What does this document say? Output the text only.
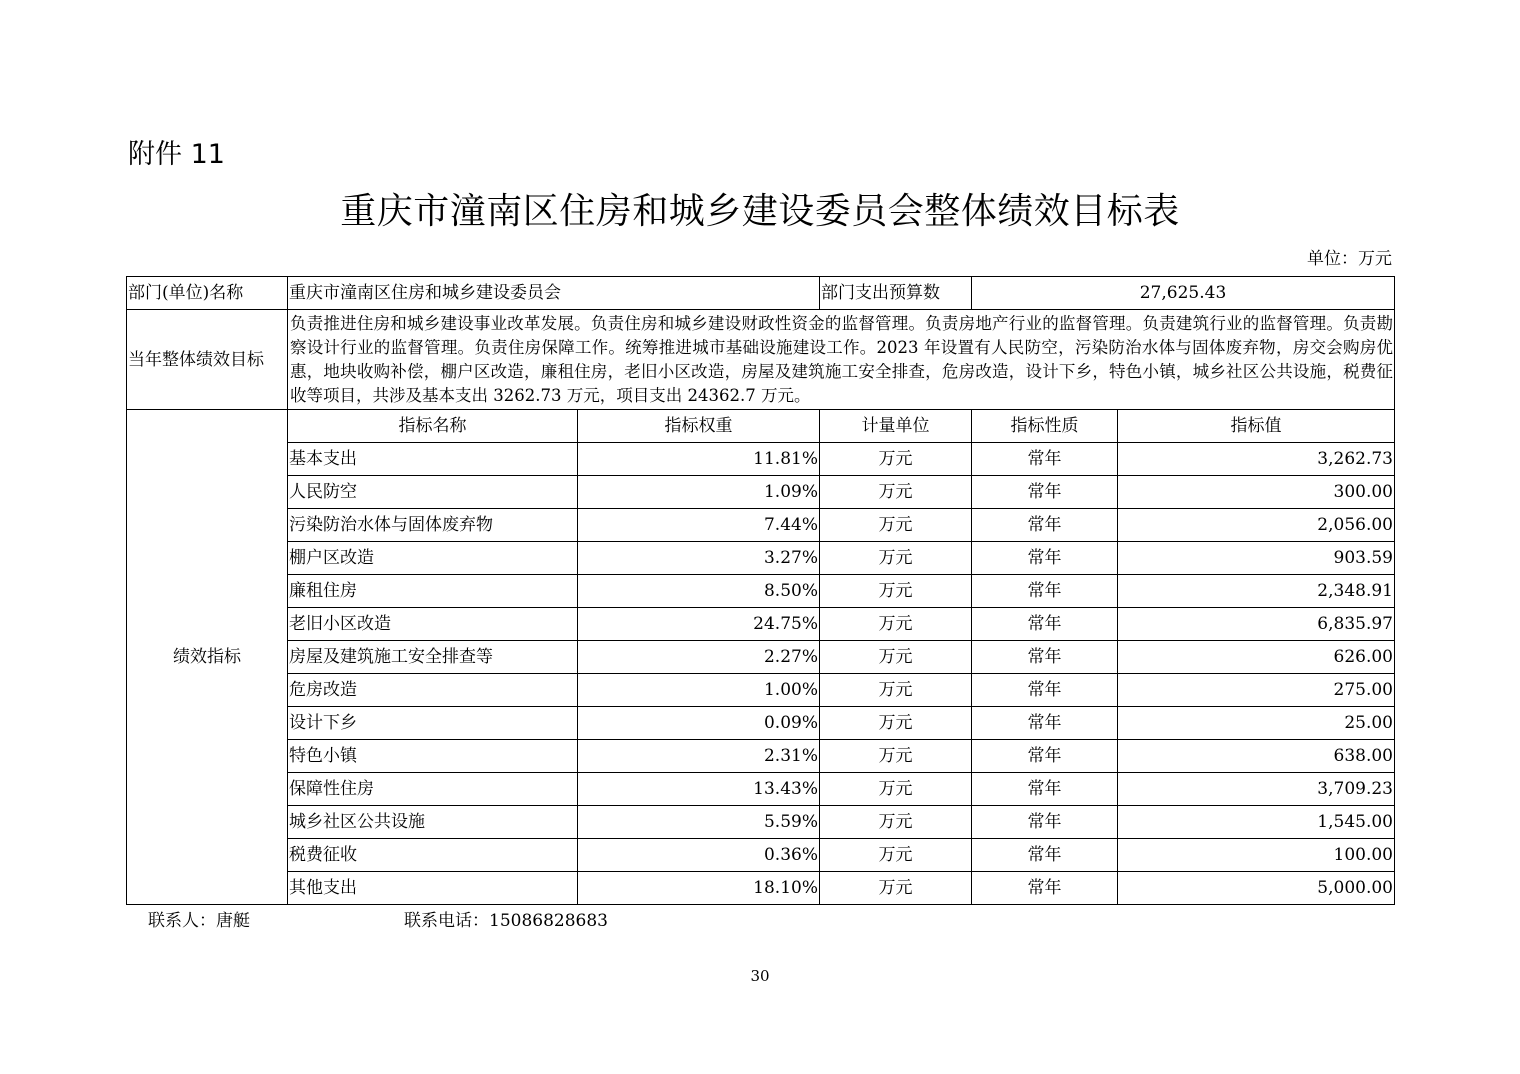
附件 11
重庆市潼南区住房和城乡建设委员会整体绩效目标表
单位：万元
部门(单位)名称	重庆市潼南区住房和城乡建设委员会		部门支出预算数	27,625.43	
当年整体绩效目标	负责推进住房和城乡建设事业改革发展。负责住房和城乡建设财政性资金的监督管理。负责房地产行业的监督管理。负责建筑行业的监督管理。负责勘察设计行业的监督管理。负责住房保障工作。统筹推进城市基础设施建设工作。2023 年设置有人民防空，污染防治水体与固体废弃物，房交会购房优惠，地块收购补偿，棚户区改造，廉租住房，老旧小区改造，房屋及建筑施工安全排查，危房改造，设计下乡，特色小镇，城乡社区公共设施，税费征收等项目，共涉及基本支出 3262.73 万元，项目支出 24362.7 万元。				
绩效指标	指标名称	指标权重	计量单位	指标性质	指标值
	基本支出	11.81%	万元	常年	3,262.73
	人民防空	1.09%	万元	常年	300.00
	污染防治水体与固体废弃物	7.44%	万元	常年	2,056.00
	棚户区改造	3.27%	万元	常年	903.59
	廉租住房	8.50%	万元	常年	2,348.91
	老旧小区改造	24.75%	万元	常年	6,835.97
	房屋及建筑施工安全排查等	2.27%	万元	常年	626.00
	危房改造	1.00%	万元	常年	275.00
	设计下乡	0.09%	万元	常年	25.00
	特色小镇	2.31%	万元	常年	638.00
	保障性住房	13.43%	万元	常年	3,709.23
	城乡社区公共设施	5.59%	万元	常年	1,545.00
	税费征收	0.36%	万元	常年	100.00
	其他支出	18.10%	万元	常年	5,000.00
联系人：唐艇	联系电话：15086828683
30
